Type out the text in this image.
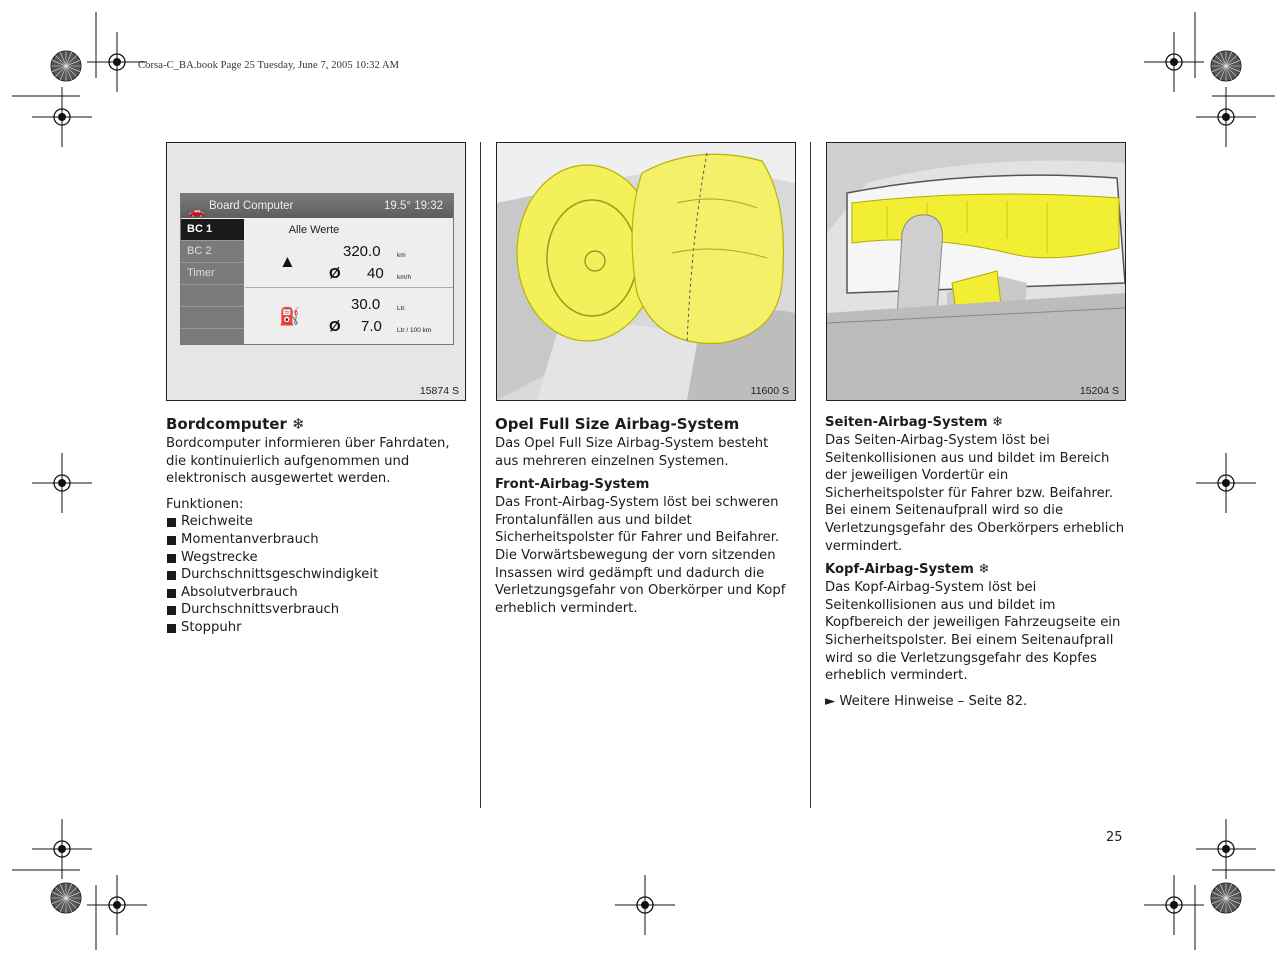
Corsa-C_BA.book Page 25 Tuesday, June 7, 2005 10:32 AM
🚗 Board Computer	19.5° 19:32
BC 1
BC 2
Timer
Alle Werte
▲
320.0	km
Ø 40 km/h
⛽
30.0	Ltr.
Ø 7.0 Ltr / 100 km
15874 S	11600 S	15204 S
Bordcomputer ❄

Bordcomputer informieren über Fahrdaten, die kontinuierlich aufgenommen und elektronisch ausgewertet werden.

Funktionen:

Reichweite
Momentanverbrauch
Wegstrecke
Durchschnittsgeschwindigkeit
Absolutverbrauch
Durchschnittsverbrauch
Stoppuhr
Opel Full Size Airbag-System

Das Opel Full Size Airbag-System besteht aus mehreren einzelnen Systemen.

Front-Airbag-System

Das Front-Airbag-System löst bei schweren Frontalunfällen aus und bildet Sicherheitspolster für Fahrer und Beifahrer. Die Vorwärtsbewegung der vorn sitzenden Insassen wird gedämpft und dadurch die Verletzungsgefahr von Oberkörper und Kopf erheblich vermindert.

Seiten-Airbag-System ❄

Das Seiten-Airbag-System löst bei Seitenkollisionen aus und bildet im Bereich der jeweiligen Vordertür ein Sicherheitspolster für Fahrer bzw. Beifahrer. Bei einem Seitenaufprall wird so die Verletzungsgefahr des Oberkörpers erheblich vermindert.

Kopf-Airbag-System ❄

Das Kopf-Airbag-System löst bei Seitenkollisionen aus und bildet im Kopfbereich der jeweiligen Fahrzeugseite ein Sicherheitspolster. Bei einem Seitenaufprall wird so die Verletzungsgefahr des Kopfes erheblich vermindert.

► Weitere Hinweise – Seite 82.

25
